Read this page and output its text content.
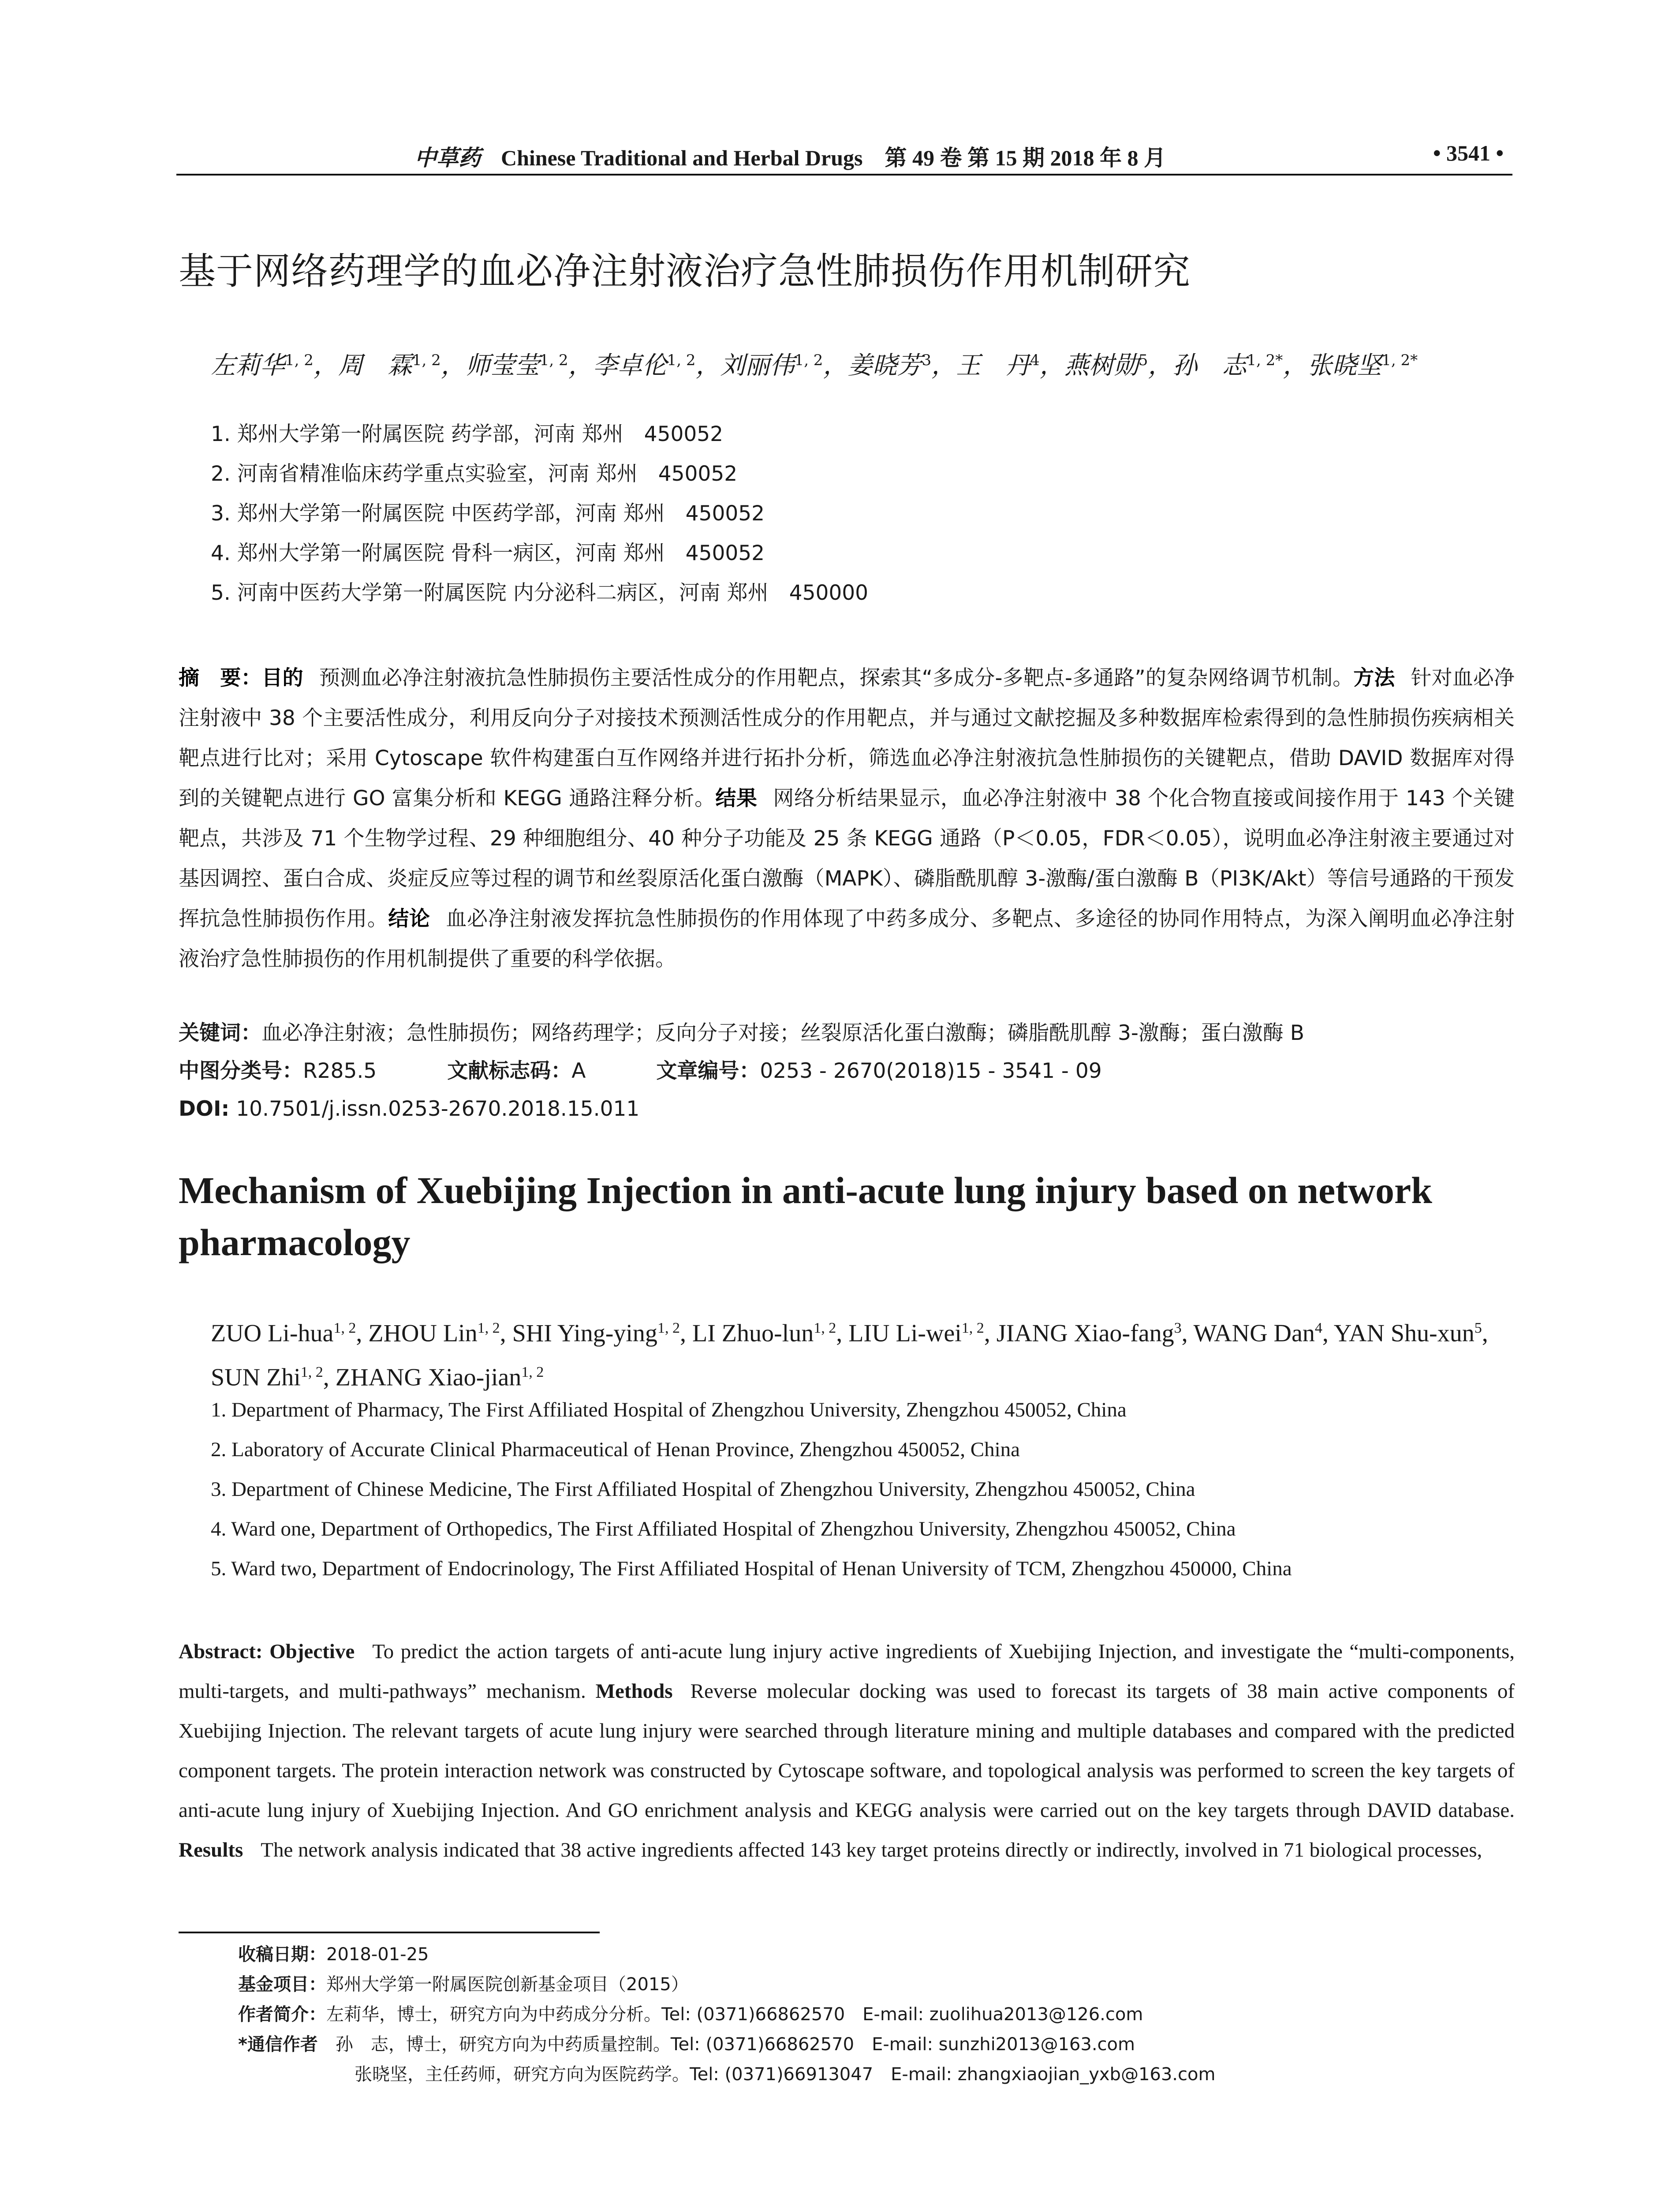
中草药 Chinese Traditional and Herbal Drugs　第 49 卷 第 15 期 2018 年 8 月	• 3541 •
基于网络药理学的血必净注射液治疗急性肺损伤作用机制研究
左莉华$^{1, 2}$，周　霖$^{1, 2}$，师莹莹$^{1, 2}$，李卓伦$^{1, 2}$，刘丽伟$^{1, 2}$，姜晓芳$^3$，王　丹$^4$，燕树勋$^5$，孙　志$^{1, 2*}$，张晓坚$^{1, 2*}$
1. 郑州大学第一附属医院 药学部，河南 郑州　450052
2. 河南省精准临床药学重点实验室，河南 郑州　450052
3. 郑州大学第一附属医院 中医药学部，河南 郑州　450052
4. 郑州大学第一附属医院 骨科一病区，河南 郑州　450052
5. 河南中医药大学第一附属医院 内分泌科二病区，河南 郑州　450000
摘　要：目的 预测血必净注射液抗急性肺损伤主要活性成分的作用靶点，探索其“多成分-多靶点-多通路”的复杂网络调节机制。方法 针对血必净注射液中 38 个主要活性成分，利用反向分子对接技术预测活性成分的作用靶点，并与通过文献挖掘及多种数据库检索得到的急性肺损伤疾病相关靶点进行比对；采用 Cytoscape 软件构建蛋白互作网络并进行拓扑分析，筛选血必净注射液抗急性肺损伤的关键靶点，借助 DAVID 数据库对得到的关键靶点进行 GO 富集分析和 KEGG 通路注释分析。结果 网络分析结果显示，血必净注射液中 38 个化合物直接或间接作用于 143 个关键靶点，共涉及 71 个生物学过程、29 种细胞组分、40 种分子功能及 25 条 KEGG 通路（P＜0.05，FDR＜0.05），说明血必净注射液主要通过对基因调控、蛋白合成、炎症反应等过程的调节和丝裂原活化蛋白激酶（MAPK）、磷脂酰肌醇 3-激酶/蛋白激酶 B（PI3K/Akt）等信号通路的干预发挥抗急性肺损伤作用。结论 血必净注射液发挥抗急性肺损伤的作用体现了中药多成分、多靶点、多途径的协同作用特点，为深入阐明血必净注射液治疗急性肺损伤的作用机制提供了重要的科学依据。
关键词：血必净注射液；急性肺损伤；网络药理学；反向分子对接；丝裂原活化蛋白激酶；磷脂酰肌醇 3-激酶；蛋白激酶 B
中图分类号：R285.5	文献标志码：A	文章编号：0253 - 2670(2018)15 - 3541 - 09
DOI: 10.7501/j.issn.0253-2670.2018.15.011
Mechanism of Xuebijing Injection in anti-acute lung injury based on network pharmacology
ZUO Li-hua$^{1, 2}$, ZHOU Lin$^{1, 2}$, SHI Ying-ying$^{1, 2}$, LI Zhuo-lun$^{1, 2}$, LIU Li-wei$^{1, 2}$, JIANG Xiao-fang$^3$, WANG Dan$^4$, YAN Shu-xun$^5$, SUN Zhi$^{1, 2}$, ZHANG Xiao-jian$^{1, 2}$
1. Department of Pharmacy, The First Affiliated Hospital of Zhengzhou University, Zhengzhou 450052, China
2. Laboratory of Accurate Clinical Pharmaceutical of Henan Province, Zhengzhou 450052, China
3. Department of Chinese Medicine, The First Affiliated Hospital of Zhengzhou University, Zhengzhou 450052, China
4. Ward one, Department of Orthopedics, The First Affiliated Hospital of Zhengzhou University, Zhengzhou 450052, China
5. Ward two, Department of Endocrinology, The First Affiliated Hospital of Henan University of TCM, Zhengzhou 450000, China
Abstract: Objective To predict the action targets of anti-acute lung injury active ingredients of Xuebijing Injection, and investigate the “multi-components, multi-targets, and multi-pathways” mechanism. Methods Reverse molecular docking was used to forecast its targets of 38 main active components of Xuebijing Injection. The relevant targets of acute lung injury were searched through literature mining and multiple databases and compared with the predicted component targets. The protein interaction network was constructed by Cytoscape software, and topological analysis was performed to screen the key targets of anti-acute lung injury of Xuebijing Injection. And GO enrichment analysis and KEGG analysis were carried out on the key targets through DAVID database. Results The network analysis indicated that 38 active ingredients affected 143 key target proteins directly or indirectly, involved in 71 biological processes,
收稿日期：2018-01-25
基金项目：郑州大学第一附属医院创新基金项目（2015）
作者简介：左莉华，博士，研究方向为中药成分分析。Tel: (0371)66862570　E-mail: zuolihua2013@126.com
*通信作者　 孙　志，博士，研究方向为中药质量控制。Tel: (0371)66862570　E-mail: sunzhi2013@163.com
张晓坚，主任药师，研究方向为医院药学。Tel: (0371)66913047　E-mail: zhangxiaojian_yxb@163.com
